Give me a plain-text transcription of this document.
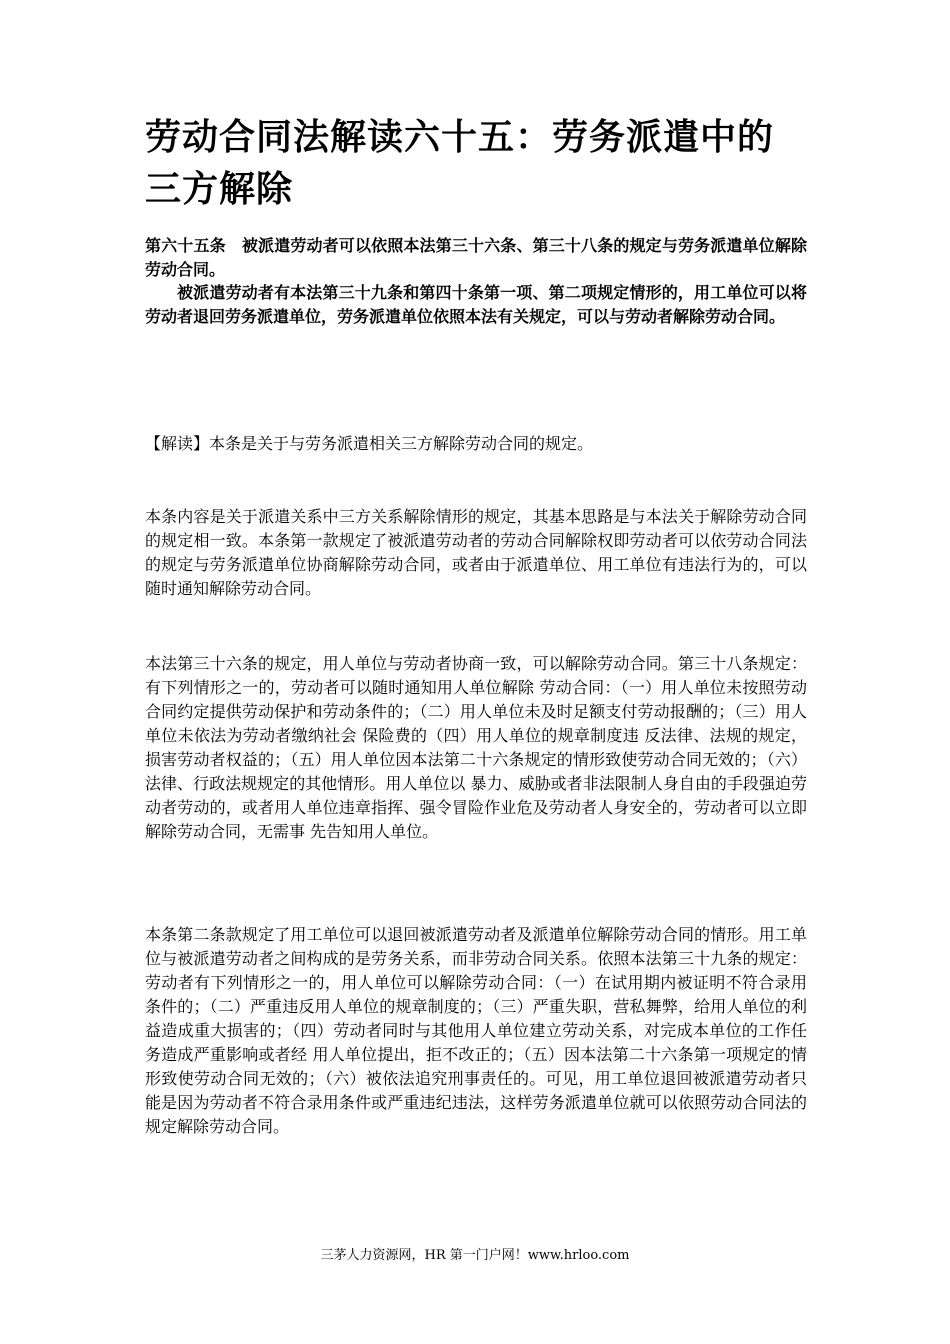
劳动合同法解读六十五：劳务派遣中的三方解除

第六十五条　被派遣劳动者可以依照本法第三十六条、第三十八条的规定与劳务派遣单位解除劳动合同。

被派遣劳动者有本法第三十九条和第四十条第一项、第二项规定情形的，用工单位可以将劳动者退回劳务派遣单位，劳务派遣单位依照本法有关规定，可以与劳动者解除劳动合同。

【解读】本条是关于与劳务派遣相关三方解除劳动合同的规定。

本条内容是关于派遣关系中三方关系解除情形的规定，其基本思路是与本法关于解除劳动合同的规定相一致。本条第一款规定了被派遣劳动者的劳动合同解除权即劳动者可以依劳动合同法的规定与劳务派遣单位协商解除劳动合同，或者由于派遣单位、用工单位有违法行为的，可以随时通知解除劳动合同。

本法第三十六条的规定，用人单位与劳动者协商一致，可以解除劳动合同。第三十八条规定：有下列情形之一的，劳动者可以随时通知用人单位解除 劳动合同：（一）用人单位未按照劳动合同约定提供劳动保护和劳动条件的；（二）用人单位未及时足额支付劳动报酬的；（三）用人单位未依法为劳动者缴纳社会 保险费的（四）用人单位的规章制度违 反法律、法规的规定，损害劳动者权益的；（五）用人单位因本法第二十六条规定的情形致使劳动合同无效的；（六）法律、行政法规规定的其他情形。用人单位以 暴力、威胁或者非法限制人身自由的手段强迫劳动者劳动的，或者用人单位违章指挥、强令冒险作业危及劳动者人身安全的，劳动者可以立即解除劳动合同，无需事 先告知用人单位。

本条第二条款规定了用工单位可以退回被派遣劳动者及派遣单位解除劳动合同的情形。用工单位与被派遣劳动者之间构成的是劳务关系，而非劳动合同关系。依照本法第三十九条的规定：劳动者有下列情形之一的，用人单位可以解除劳动合同：（一）在试用期内被证明不符合录用条件的；（二）严重违反用人单位的规章制度的；（三）严重失职，营私舞弊，给用人单位的利益造成重大损害的；（四）劳动者同时与其他用人单位建立劳动关系，对完成本单位的工作任务造成严重影响或者经 用人单位提出，拒不改正的；（五）因本法第二十六条第一项规定的情形致使劳动合同无效的；（六）被依法追究刑事责任的。可见，用工单位退回被派遣劳动者只 能是因为劳动者不符合录用条件或严重违纪违法，这样劳务派遣单位就可以依照劳动合同法的规定解除劳动合同。

三茅人力资源网，HR 第一门户网！www.hrloo.com
